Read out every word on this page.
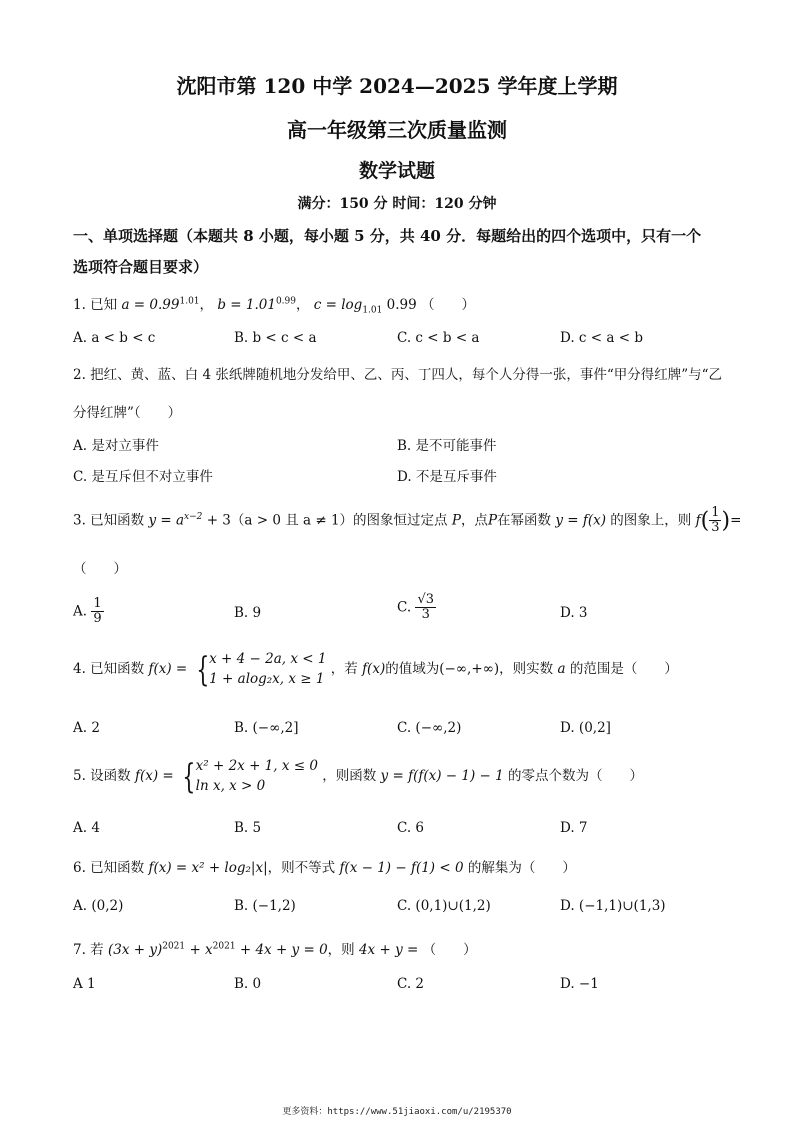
沈阳市第 120 中学 2024—2025 学年度上学期
高一年级第三次质量监测
数学试题
满分：150 分 时间：120 分钟
一、单项选择题（本题共 8 小题，每小题 5 分，共 40 分．每题给出的四个选项中，只有一个
选项符合题目要求）
1. 已知 $a = 0.99^{1.01}$， $b = 1.01^{0.99}$， $c = \log_{1.01} 0.99$ （　　）
A. a < b < c	B. b < c < a	C. c < b < a	D. c < a < b
2. 把红、黄、蓝、白 4 张纸牌随机地分发给甲、乙、丙、丁四人，每个人分得一张，事件“甲分得红牌”与“乙
分得红牌”（　　）
A. 是对立事件	B. 是不可能事件
C. 是互斥但不对立事件	D. 不是互斥事件
3. 已知函数 $y = a^{x-2} + 3(a > 0$ 且 a ≠ 1）的图象恒过定点 P，点P在幂函数 y = f(x) 的图象上，则 $f( \frac{1}{3}$ )=
（　　）
A. $\frac{1}{9}$	B. 9	C. $\frac{√3}{3}$	D. 3
4. 已知函数 f(x) = { x + 4 − 2a, x < 1
1 + alog₂x, x ≥ 1
，若 f(x)的值域为(−∞,+∞)，则实数 a 的范围是（　　）
A. 2	B. (−∞,2]	C. (−∞,2)	D. (0,2]
5. 设函数 f(x) = { x² + 2x + 1, x ≤ 0
ln x, x > 0
，则函数 y = f(f(x) − 1) − 1 的零点个数为（　　）
A. 4	B. 5	C. 6	D. 7
6. 已知函数 f(x) = x² + log₂|x|，则不等式 f(x − 1) − f(1) < 0 的解集为（　　）
A. (0,2)	B. (−1,2)	C. (0,1)∪(1,2)	D. (−1,1)∪(1,3)
7. 若 $(3x + y)^{2021} + x^{2021} + 4x + y = 0$，则 4x + y = （　　）
A 1	B. 0	C. 2	D. −1
更多资料：https://www.51jiaoxi.com/u/2195370
